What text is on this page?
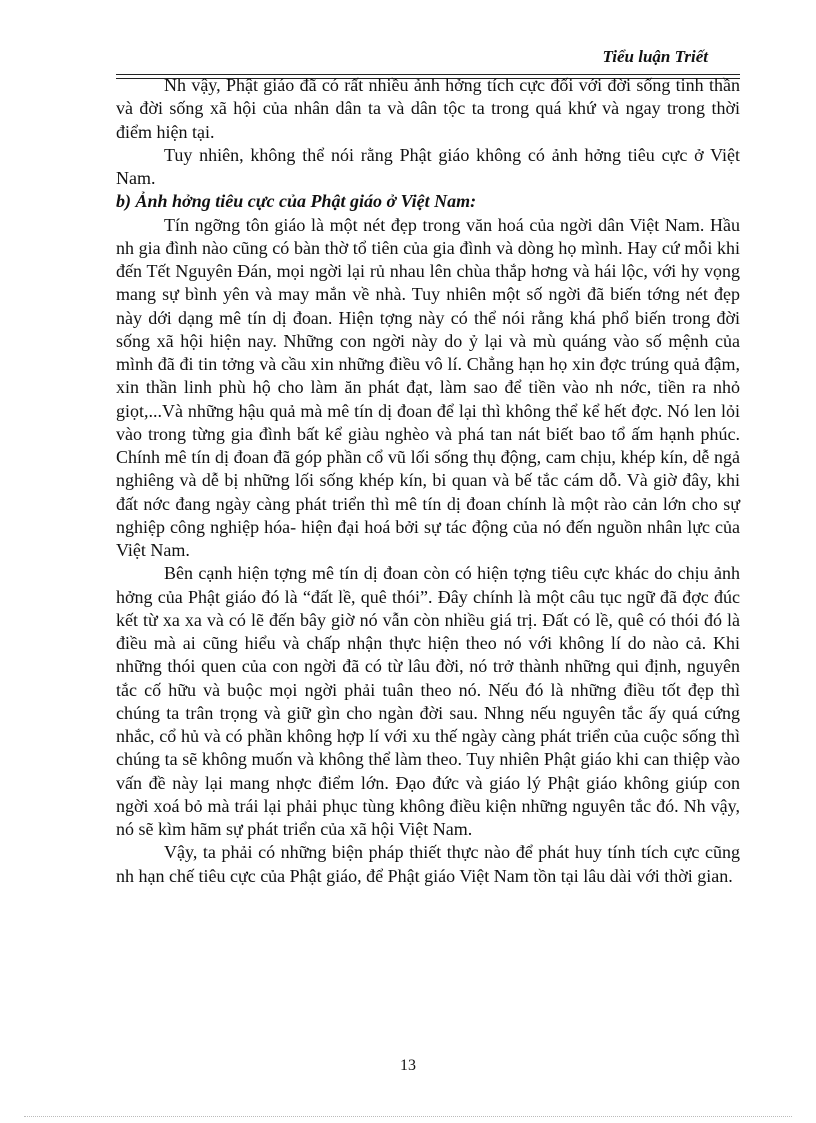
Tiểu luận Triết

Nh vậy, Phật giáo đã có rất nhiều ảnh hởng tích cực đối với đời sống tinh thần và đời sống xã hội của nhân dân ta và dân tộc ta trong quá khứ và ngay trong thời điểm hiện tại.

Tuy nhiên, không thể nói rằng Phật giáo không có ảnh hởng tiêu cực ở Việt Nam.

b) Ảnh hởng tiêu cực của Phật giáo ở Việt Nam:

Tín ngỡng tôn giáo là một nét đẹp trong văn hoá của ngời dân Việt Nam. Hầu nh gia đình nào cũng có bàn thờ tổ tiên của gia đình và dòng họ mình. Hay cứ mỗi khi đến Tết Nguyên Đán, mọi ngời lại rủ nhau lên chùa thắp hơng và hái lộc, với hy vọng mang sự bình yên và may mắn về nhà. Tuy nhiên một số ngời đã biến tớng nét đẹp này dới dạng mê tín dị đoan. Hiện tợng này có thể nói rằng khá phổ biến trong đời sống xã hội hiện nay. Những con ngời này do ỷ lại và mù quáng vào số mệnh của mình đã đi tin tởng và cầu xin những điều vô lí. Chẳng hạn họ xin đợc trúng quả đậm, xin thần linh phù hộ cho làm ăn phát đạt, làm sao để tiền vào nh nớc, tiền ra nhỏ giọt,...Và những hậu quả mà mê tín dị đoan để lại thì không thể kể hết đợc. Nó len lỏi vào trong từng gia đình bất kể giàu nghèo và phá tan nát biết bao tổ ấm hạnh phúc. Chính mê tín dị đoan đã góp phần cổ vũ lối sống thụ động, cam chịu, khép kín, dễ ngả nghiêng và dễ bị những lối sống khép kín, bi quan và bế tắc cám dỗ. Và giờ đây, khi đất nớc đang ngày càng phát triển thì mê tín dị đoan chính là một rào cản lớn cho sự nghiệp công nghiệp hóa- hiện đại hoá bởi sự tác động của nó đến nguồn nhân lực của Việt Nam.

Bên cạnh hiện tợng mê tín dị đoan còn có hiện tợng tiêu cực khác do chịu ảnh hởng của Phật giáo đó là “đất lề, quê thói”. Đây chính là một câu tục ngữ đã đợc đúc kết từ xa xa và có lẽ đến bây giờ nó vẫn còn nhiều giá trị. Đất có lề, quê có thói đó là điều mà ai cũng hiểu và chấp nhận thực hiện theo nó với không lí do nào cả. Khi những thói quen của con ngời đã có từ lâu đời, nó trở thành những qui định, nguyên tắc cố hữu và buộc mọi ngời phải tuân theo nó. Nếu đó là những điều tốt đẹp thì chúng ta trân trọng và giữ gìn cho ngàn đời sau. Nhng nếu nguyên tắc ấy quá cứng nhắc, cổ hủ và có phần không hợp lí với xu thế ngày càng phát triển của cuộc sống thì chúng ta sẽ không muốn và không thể làm theo. Tuy nhiên Phật giáo khi can thiệp vào vấn đề này lại mang nhợc điểm lớn. Đạo đức và giáo lý Phật giáo không giúp con ngời xoá bỏ mà trái lại phải phục tùng không điều kiện những nguyên tắc đó. Nh vậy, nó sẽ kìm hãm sự phát triển của xã hội Việt Nam.

Vậy, ta phải có những biện pháp thiết thực nào để phát huy tính tích cực cũng nh hạn chế tiêu cực của Phật giáo, để Phật giáo Việt Nam tồn tại lâu dài với thời gian.

13
